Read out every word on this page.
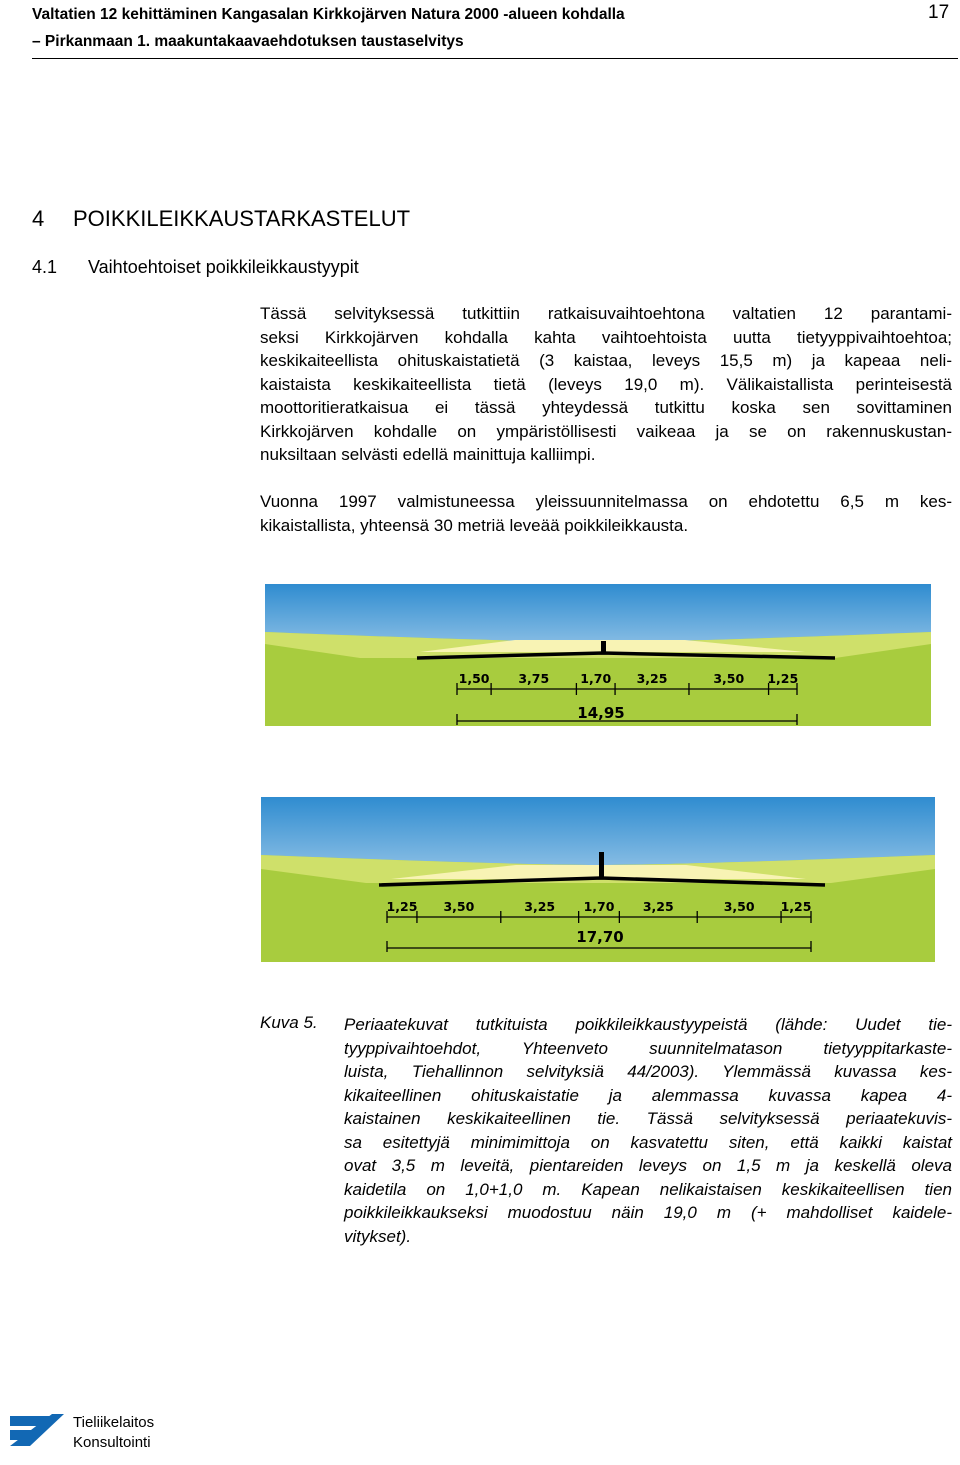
Valtatien 12 kehittäminen Kangasalan Kirkkojärven Natura 2000 -alueen kohdalla
– Pirkanmaan 1. maakuntakaavaehdotuksen taustaselvitys
17
4 POIKKILEIKKAUSTARKASTELUT
4.1 Vaihtoehtoiset poikkileikkaustyypit
Tässä selvityksessä tutkittiin ratkaisuvaihtoehtona valtatien 12 parantami-
seksi Kirkkojärven kohdalla kahta vaihtoehtoista uutta tietyyppivaihtoehtoa;
keskikaiteellista ohituskaistatietä (3 kaistaa, leveys 15,5 m) ja kapeaa neli-
kaistaista keskikaiteellista tietä (leveys 19,0 m). Välikaistallista perinteisestä
moottoritieratkaisua ei tässä yhteydessä tutkittu koska sen sovittaminen
Kirkkojärven kohdalle on ympäristöllisesti vaikeaa ja se on rakennuskustan-
nuksiltaan selvästi edellä mainittuja kalliimpi.
Vuonna 1997 valmistuneessa yleissuunnitelmassa on ehdotettu 6,5 m kes-
kikaistallista, yhteensä 30 metriä leveää poikkileikkausta.
1,50 3,75 1,70 3,25	3,50 1,25
14,95
1,25 3,50	3,25 1,70 3,25	3,50 1,25
17,70
Kuva 5. Periaatekuvat tutkituista poikkileikkaustyypeistä (lähde: Uudet tie-
tyyppivaihtoehdot, Yhteenveto suunnitelmatason tietyyppitarkaste-
luista, Tiehallinnon selvityksiä 44/2003). Ylemmässä kuvassa kes-
kikaiteellinen ohituskaistatie ja alemmassa kuvassa kapea 4-
kaistainen keskikaiteellinen tie. Tässä selvityksessä periaatekuvis-
sa esitettyjä minimimittoja on kasvatettu siten, että kaikki kaistat
ovat 3,5 m leveitä, pientareiden leveys on 1,5 m ja keskellä oleva
kaidetila on 1,0+1,0 m. Kapean nelikaistaisen keskikaiteellisen tien
poikkileikkaukseksi muodostuu näin 19,0 m (+ mahdolliset kaidele-
vitykset).
Tieliikelaitos
Konsultointi
